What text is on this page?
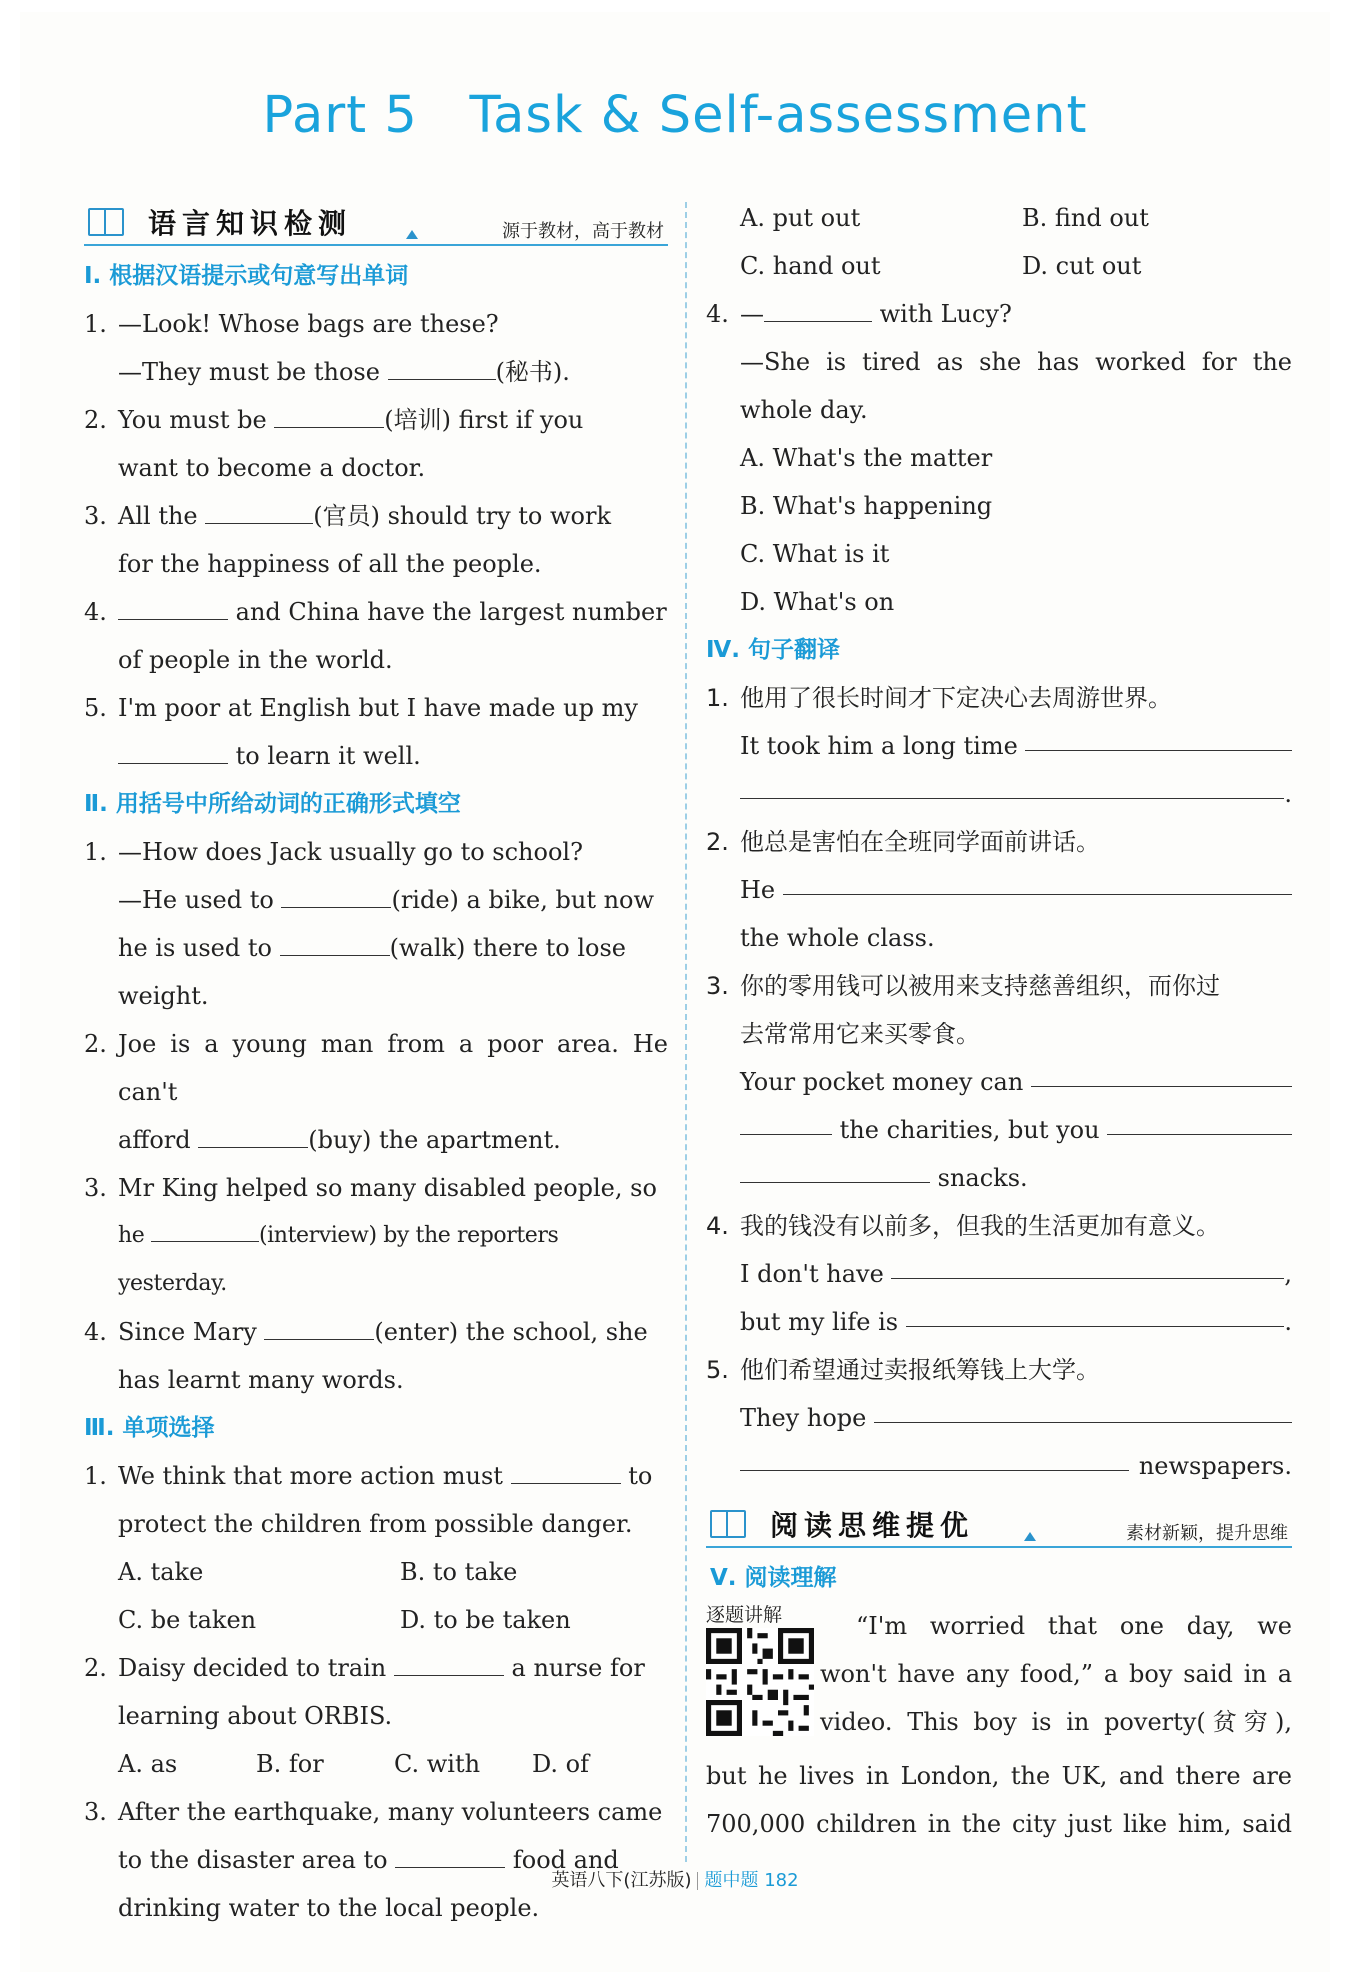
Part 5   Task & Self-assessment
语言知识检测	源于教材，高于教材
Ⅰ. 根据汉语提示或句意写出单词
1. —Look! Whose bags are these?
—They must be those	(秘书).
2. You must be	(培训) first if you
want to become a doctor.
3. All the	(官员) should try to work
for the happiness of all the people.
4.	and China have the largest number
of people in the world.
5. I'm poor at English but I have made up my
to learn it well.
Ⅱ. 用括号中所给动词的正确形式填空
1. —How does Jack usually go to school?
—He used to	(ride) a bike, but now
he is used to	(walk) there to lose
weight.
2. Joe is a young man from a poor area. He can't
afford	(buy) the apartment.
3. Mr King helped so many disabled people, so
he	(interview) by the reporters yesterday.
4. Since Mary	(enter) the school, she
has learnt many words.
Ⅲ. 单项选择
1. We think that more action must	to
protect the children from possible danger.
A. take	B. to take
C. be taken	D. to be taken
2. Daisy decided to train	a nurse for
learning about ORBIS.
A. as	B. for	C. with	D. of
3. After the earthquake, many volunteers came
to the disaster area to	food and
drinking water to the local people.
A. put out	B. find out
C. hand out	D. cut out
4. —	with Lucy?
—She is tired as she has worked for the
whole day.
A. What's the matter
B. What's happening
C. What is it
D. What's on
Ⅳ. 句子翻译
1. 他用了很长时间才下定决心去周游世界。
It took him a long time
.
2. 他总是害怕在全班同学面前讲话。
He
the whole class.
3. 你的零用钱可以被用来支持慈善组织，而你过
去常常用它来买零食。
Your pocket money can
the charities, but you
snacks.
4. 我的钱没有以前多，但我的生活更加有意义。
I don't have	,
but my life is	.
5. 他们希望通过卖报纸筹钱上大学。
They hope
newspapers.
阅读思维提优	素材新颖，提升思维
Ⅴ. 阅读理解
逐题讲解	“I'm worried that one day, we
won't have any food,” a boy said in a
video. This boy is in poverty(贫穷),
but he lives in London, the UK, and there are
700,000 children in the city just like him, said
英语八下(江苏版) 题中题 182
